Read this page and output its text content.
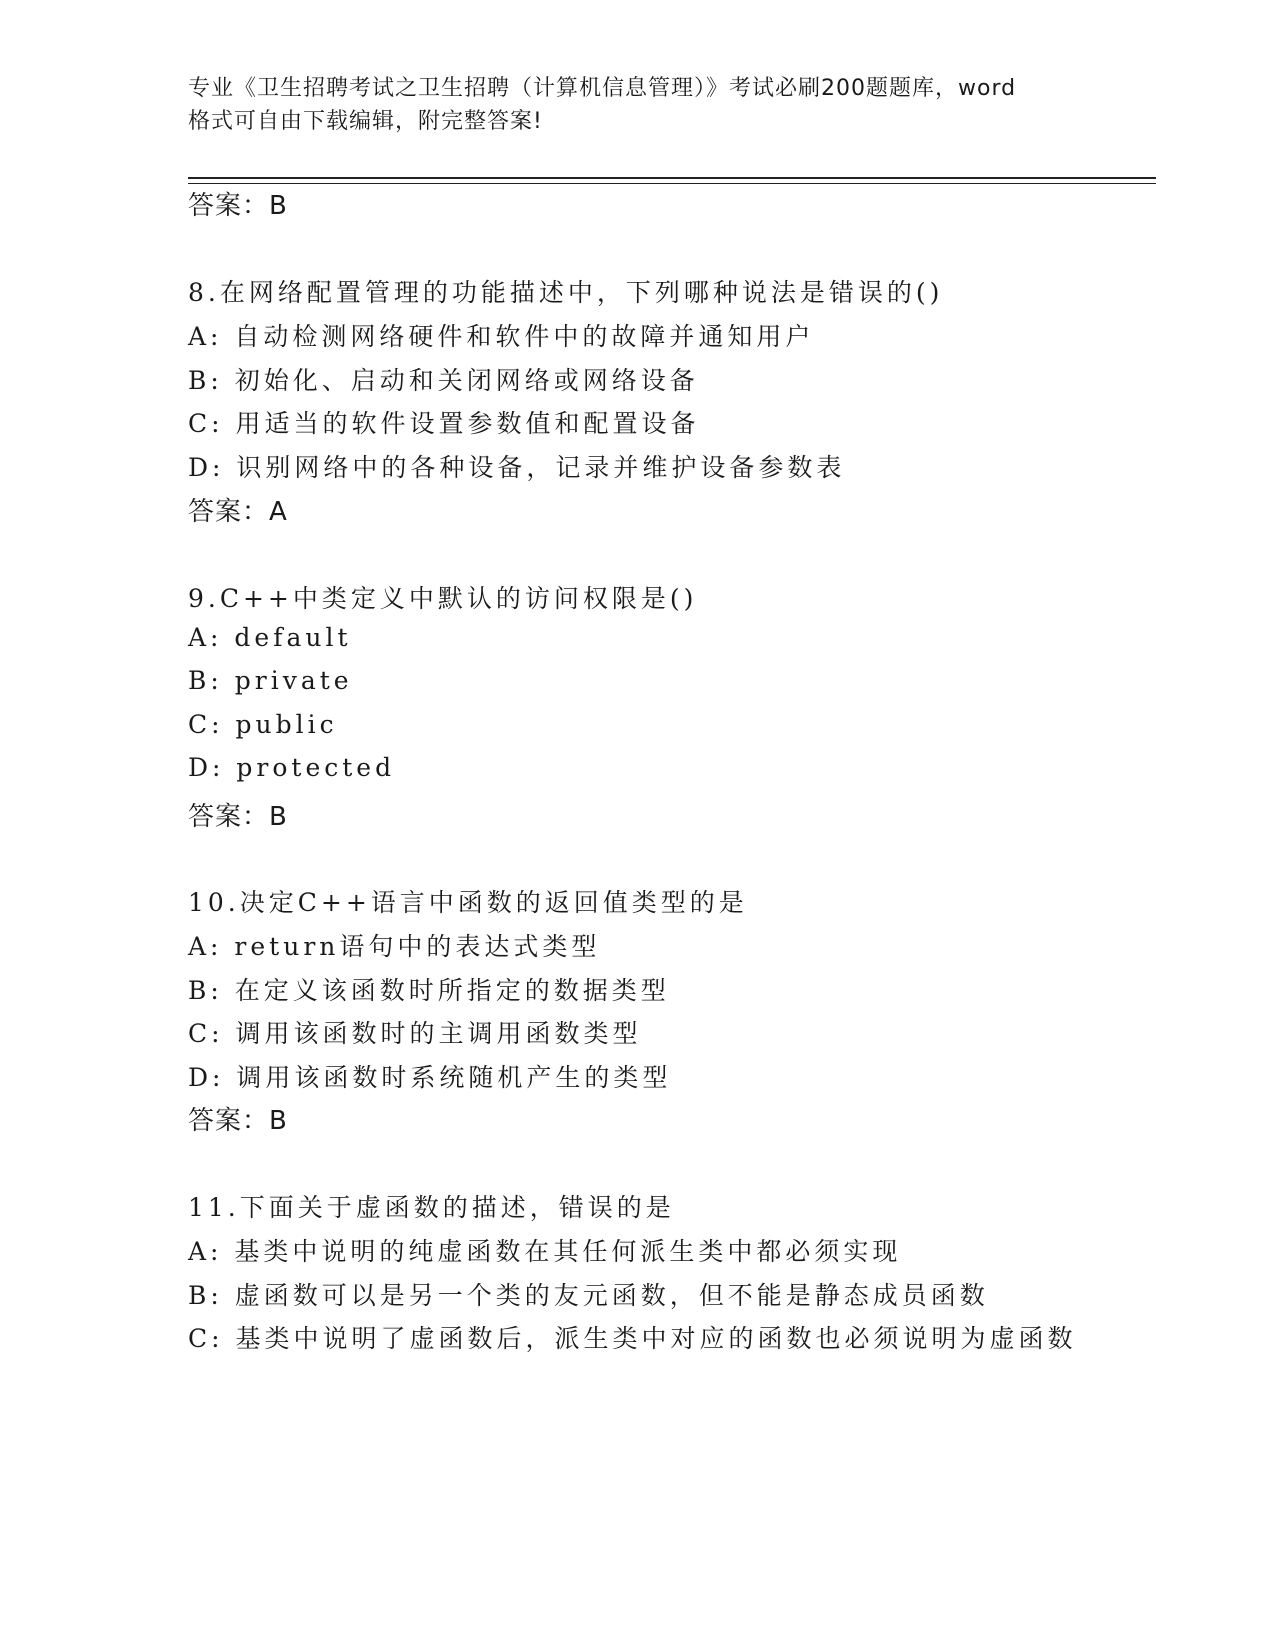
专业《卫生招聘考试之卫生招聘（计算机信息管理）》考试必刷200题题库，word
格式可自由下载编辑，附完整答案!
答案：B
8.在网络配置管理的功能描述中，下列哪种说法是错误的()
A: 自动检测网络硬件和软件中的故障并通知用户
B: 初始化、启动和关闭网络或网络设备
C: 用适当的软件设置参数值和配置设备
D: 识别网络中的各种设备，记录并维护设备参数表
答案：A
9.C++中类定义中默认的访问权限是()
A: default
B: private
C: public
D: protected
答案：B
10.决定C++语言中函数的返回值类型的是
A: return语句中的表达式类型
B: 在定义该函数时所指定的数据类型
C: 调用该函数时的主调用函数类型
D: 调用该函数时系统随机产生的类型
答案：B
11.下面关于虚函数的描述，错误的是
A: 基类中说明的纯虚函数在其任何派生类中都必须实现
B: 虚函数可以是另一个类的友元函数，但不能是静态成员函数
C: 基类中说明了虚函数后，派生类中对应的函数也必须说明为虚函数
